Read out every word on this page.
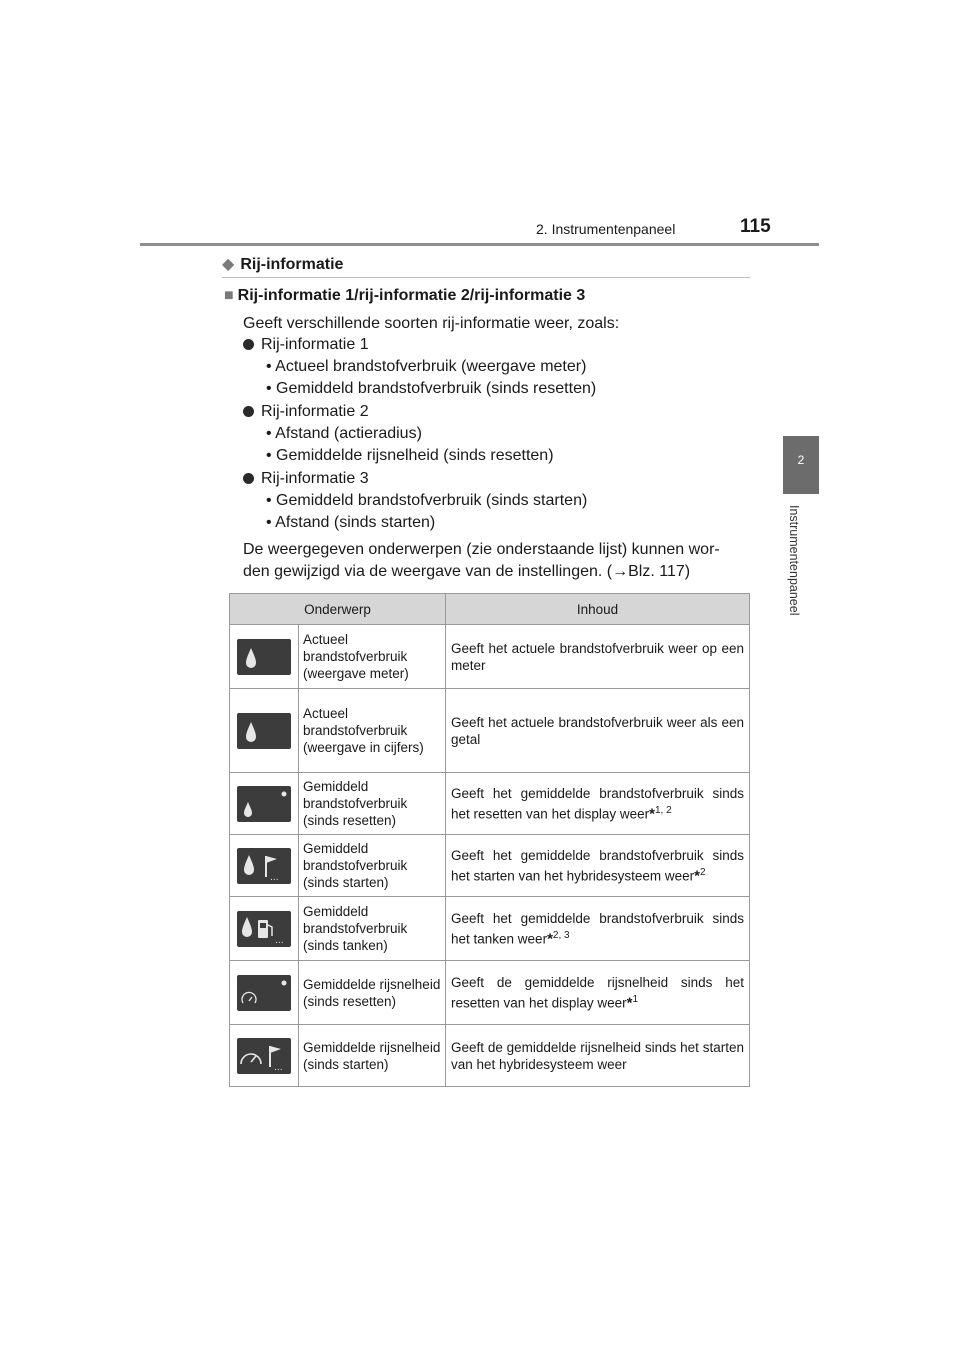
2. Instrumentenpaneel	115
2
Instrumentenpaneel
◆ Rij-informatie
■ Rij-informatie 1/rij-informatie 2/rij-informatie 3
Geeft verschillende soorten rij-informatie weer, zoals:
Rij-informatie 1
• Actueel brandstofverbruik (weergave meter)
• Gemiddeld brandstofverbruik (sinds resetten)
Rij-informatie 2
• Afstand (actieradius)
• Gemiddelde rijsnelheid (sinds resetten)
Rij-informatie 3
• Gemiddeld brandstofverbruik (sinds starten)
• Afstand (sinds starten)
De weergegeven onderwerpen (zie onderstaande lijst) kunnen wor-
den gewijzigd via de weergave van de instellingen. (→Blz. 117)
Onderwerp		Inhoud

	Actueel brandstofverbruik (weergave meter)	Geeft het actuele brandstofverbruik weer op een meter

	Actueel brandstofverbruik (weergave in cijfers)	Geeft het actuele brandstofverbruik weer als een getal

	Gemiddeld brandstofverbruik (sinds resetten)	Geeft het gemiddelde brandstofverbruik sinds het resetten van het display weer*$^{1, 2}$

...	Gemiddeld brandstofverbruik (sinds starten)	Geeft het gemiddelde brandstofverbruik sinds het starten van het hybridesysteem weer*$^2$

...	Gemiddeld brandstofverbruik (sinds tanken)	Geeft het gemiddelde brandstofverbruik sinds het tanken weer*$^{2, 3}$

	Gemiddelde rijsnelheid (sinds resetten)	Geeft de gemiddelde rijsnelheid sinds het resetten van het display weer*$^1$

...	Gemiddelde rijsnelheid (sinds starten)	Geeft de gemiddelde rijsnelheid sinds het starten van het hybridesysteem weer
